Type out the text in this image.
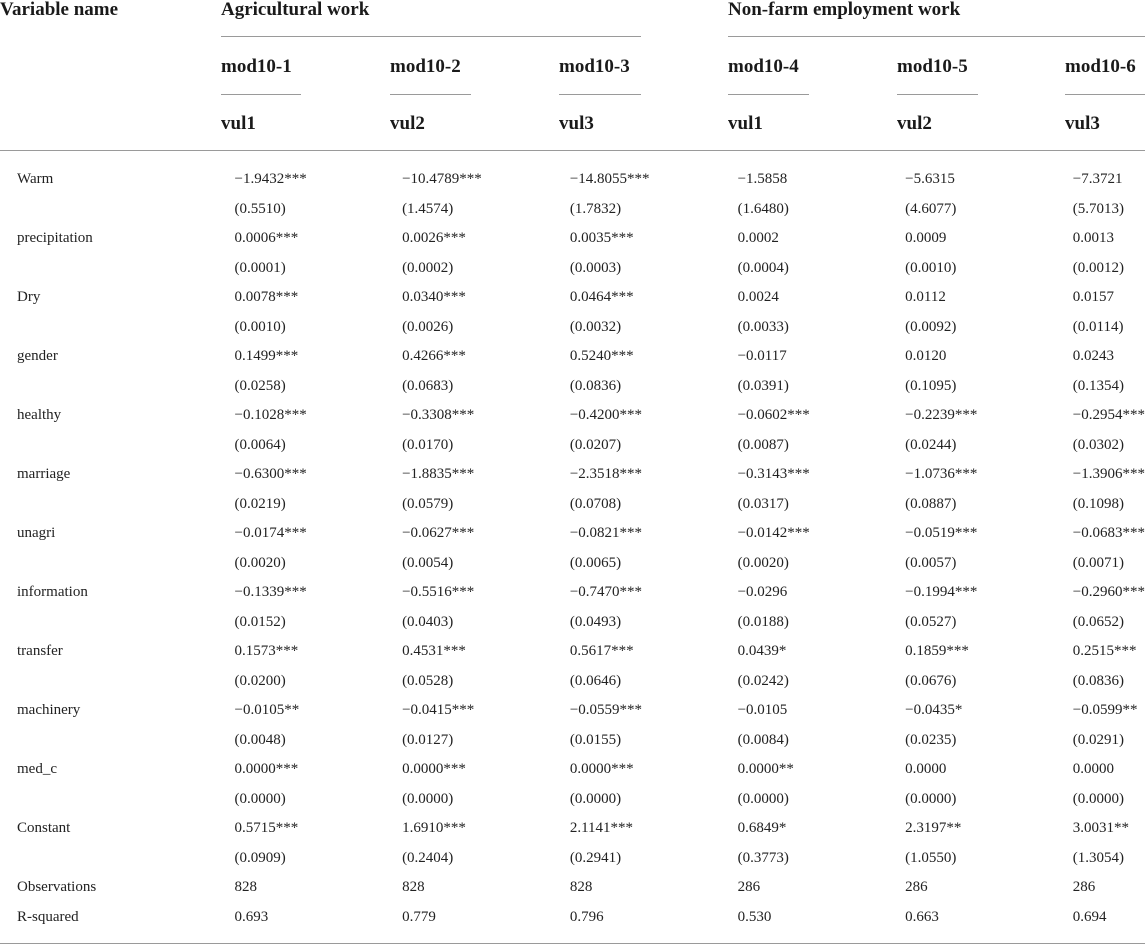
Variable name	Agricultural work	Non-farm employment work
mod10-1	mod10-2	mod10-3	mod10-4	mod10-5	mod10-6
vul1	vul2	vul3	vul1	vul2	vul3
Warm	−1.9432***	−10.4789***	−14.8055***	−1.5858	−5.6315	−7.3721
	(0.5510)	(1.4574)	(1.7832)	(1.6480)	(4.6077)	(5.7013)
precipitation	0.0006***	0.0026***	0.0035***	0.0002	0.0009	0.0013
	(0.0001)	(0.0002)	(0.0003)	(0.0004)	(0.0010)	(0.0012)
Dry	0.0078***	0.0340***	0.0464***	0.0024	0.0112	0.0157
	(0.0010)	(0.0026)	(0.0032)	(0.0033)	(0.0092)	(0.0114)
gender	0.1499***	0.4266***	0.5240***	−0.0117	0.0120	0.0243
	(0.0258)	(0.0683)	(0.0836)	(0.0391)	(0.1095)	(0.1354)
healthy	−0.1028***	−0.3308***	−0.4200***	−0.0602***	−0.2239***	−0.2954***
	(0.0064)	(0.0170)	(0.0207)	(0.0087)	(0.0244)	(0.0302)
marriage	−0.6300***	−1.8835***	−2.3518***	−0.3143***	−1.0736***	−1.3906***
	(0.0219)	(0.0579)	(0.0708)	(0.0317)	(0.0887)	(0.1098)
unagri	−0.0174***	−0.0627***	−0.0821***	−0.0142***	−0.0519***	−0.0683***
	(0.0020)	(0.0054)	(0.0065)	(0.0020)	(0.0057)	(0.0071)
information	−0.1339***	−0.5516***	−0.7470***	−0.0296	−0.1994***	−0.2960***
	(0.0152)	(0.0403)	(0.0493)	(0.0188)	(0.0527)	(0.0652)
transfer	0.1573***	0.4531***	0.5617***	0.0439*	0.1859***	0.2515***
	(0.0200)	(0.0528)	(0.0646)	(0.0242)	(0.0676)	(0.0836)
machinery	−0.0105**	−0.0415***	−0.0559***	−0.0105	−0.0435*	−0.0599**
	(0.0048)	(0.0127)	(0.0155)	(0.0084)	(0.0235)	(0.0291)
med_c	0.0000***	0.0000***	0.0000***	0.0000**	0.0000	0.0000
	(0.0000)	(0.0000)	(0.0000)	(0.0000)	(0.0000)	(0.0000)
Constant	0.5715***	1.6910***	2.1141***	0.6849*	2.3197**	3.0031**
	(0.0909)	(0.2404)	(0.2941)	(0.3773)	(1.0550)	(1.3054)
Observations	828	828	828	286	286	286
R-squared	0.693	0.779	0.796	0.530	0.663	0.694
